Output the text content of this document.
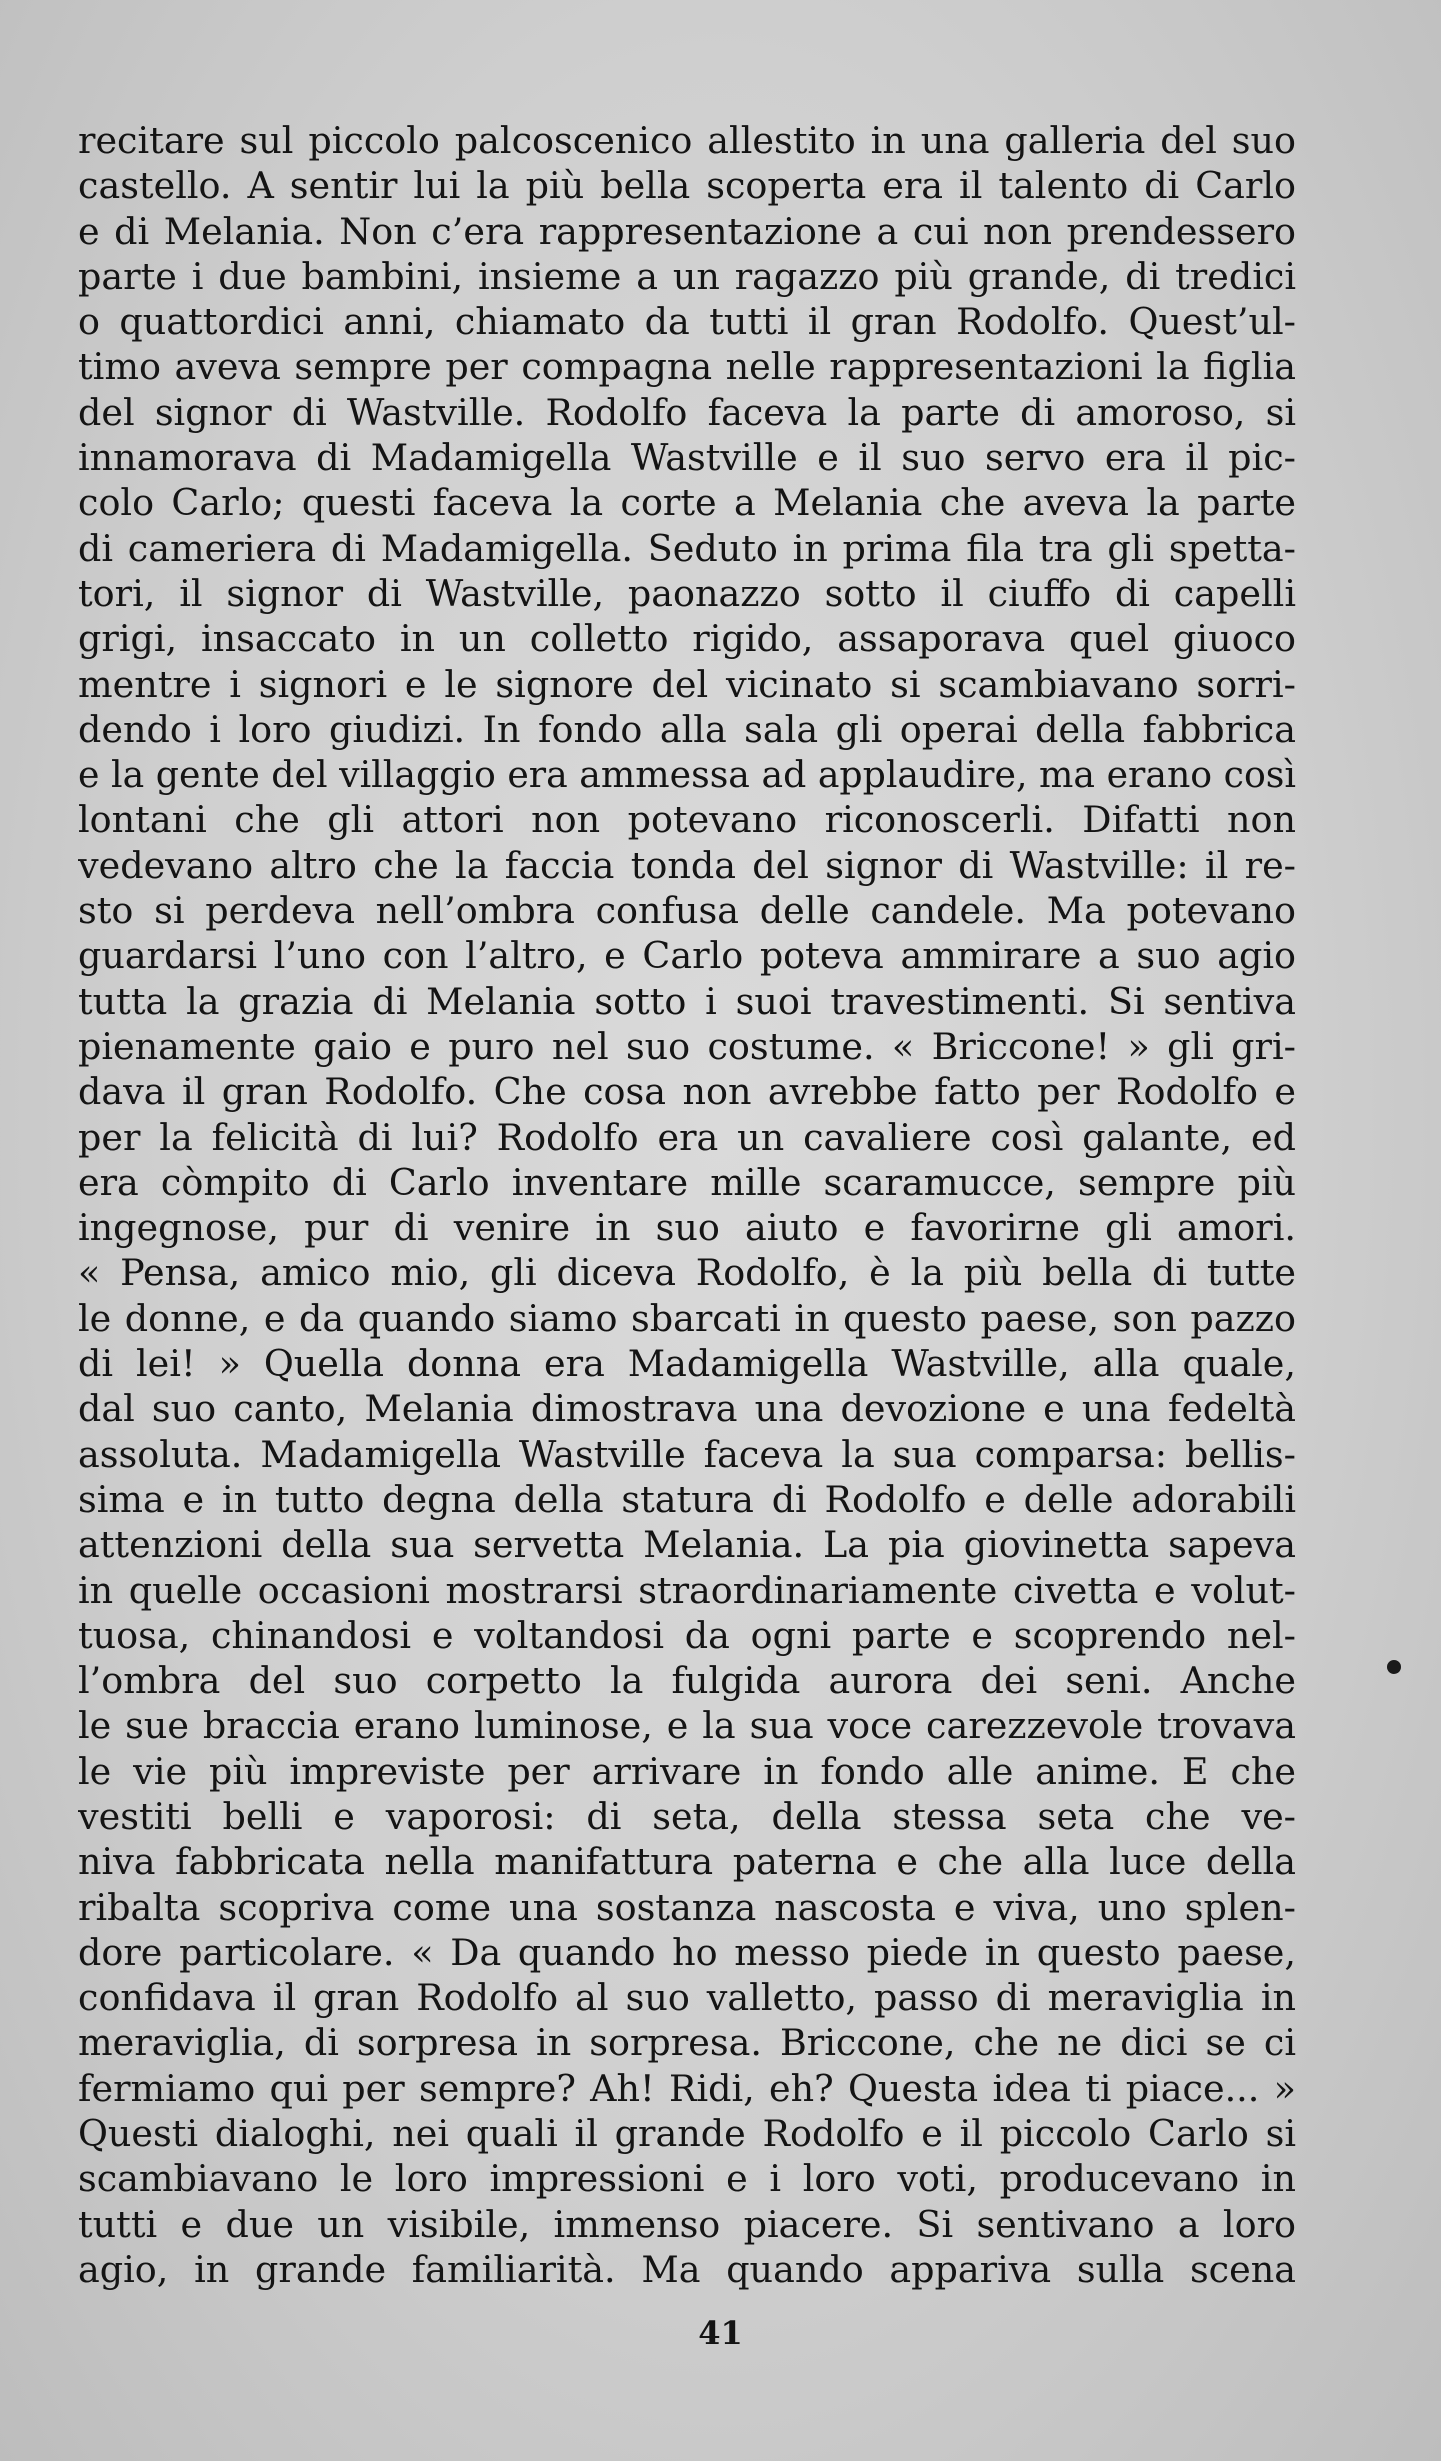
recitare sul piccolo palcoscenico allestito in una galleria del suo
castello. A sentir lui la più bella scoperta era il talento di Carlo
e di Melania. Non c’era rappresentazione a cui non prendessero
parte i due bambini, insieme a un ragazzo più grande, di tredici
o quattordici anni, chiamato da tutti il gran Rodolfo. Quest’ul-
timo aveva sempre per compagna nelle rappresentazioni la figlia
del signor di Wastville. Rodolfo faceva la parte di amoroso, si
innamorava di Madamigella Wastville e il suo servo era il pic-
colo Carlo; questi faceva la corte a Melania che aveva la parte
di cameriera di Madamigella. Seduto in prima fila tra gli spetta-
tori, il signor di Wastville, paonazzo sotto il ciuffo di capelli
grigi, insaccato in un colletto rigido, assaporava quel giuoco
mentre i signori e le signore del vicinato si scambiavano sorri-
dendo i loro giudizi. In fondo alla sala gli operai della fabbrica
e la gente del villaggio era ammessa ad applaudire, ma erano così
lontani che gli attori non potevano riconoscerli. Difatti non
vedevano altro che la faccia tonda del signor di Wastville: il re-
sto si perdeva nell’ombra confusa delle candele. Ma potevano
guardarsi l’uno con l’altro, e Carlo poteva ammirare a suo agio
tutta la grazia di Melania sotto i suoi travestimenti. Si sentiva
pienamente gaio e puro nel suo costume. « Briccone! » gli gri-
dava il gran Rodolfo. Che cosa non avrebbe fatto per Rodolfo e
per la felicità di lui? Rodolfo era un cavaliere così galante, ed
era còmpito di Carlo inventare mille scaramucce, sempre più
ingegnose, pur di venire in suo aiuto e favorirne gli amori.
« Pensa, amico mio, gli diceva Rodolfo, è la più bella di tutte
le donne, e da quando siamo sbarcati in questo paese, son pazzo
di lei! » Quella donna era Madamigella Wastville, alla quale,
dal suo canto, Melania dimostrava una devozione e una fedeltà
assoluta. Madamigella Wastville faceva la sua comparsa: bellis-
sima e in tutto degna della statura di Rodolfo e delle adorabili
attenzioni della sua servetta Melania. La pia giovinetta sapeva
in quelle occasioni mostrarsi straordinariamente civetta e volut-
tuosa, chinandosi e voltandosi da ogni parte e scoprendo nel-
l’ombra del suo corpetto la fulgida aurora dei seni. Anche
le sue braccia erano luminose, e la sua voce carezzevole trovava
le vie più impreviste per arrivare in fondo alle anime. E che
vestiti belli e vaporosi: di seta, della stessa seta che ve-
niva fabbricata nella manifattura paterna e che alla luce della
ribalta scopriva come una sostanza nascosta e viva, uno splen-
dore particolare. « Da quando ho messo piede in questo paese,
confidava il gran Rodolfo al suo valletto, passo di meraviglia in
meraviglia, di sorpresa in sorpresa. Briccone, che ne dici se ci
fermiamo qui per sempre? Ah! Ridi, eh? Questa idea ti piace... »
Questi dialoghi, nei quali il grande Rodolfo e il piccolo Carlo si
scambiavano le loro impressioni e i loro voti, producevano in
tutti e due un visibile, immenso piacere. Si sentivano a loro
agio, in grande familiarità. Ma quando appariva sulla scena
41
